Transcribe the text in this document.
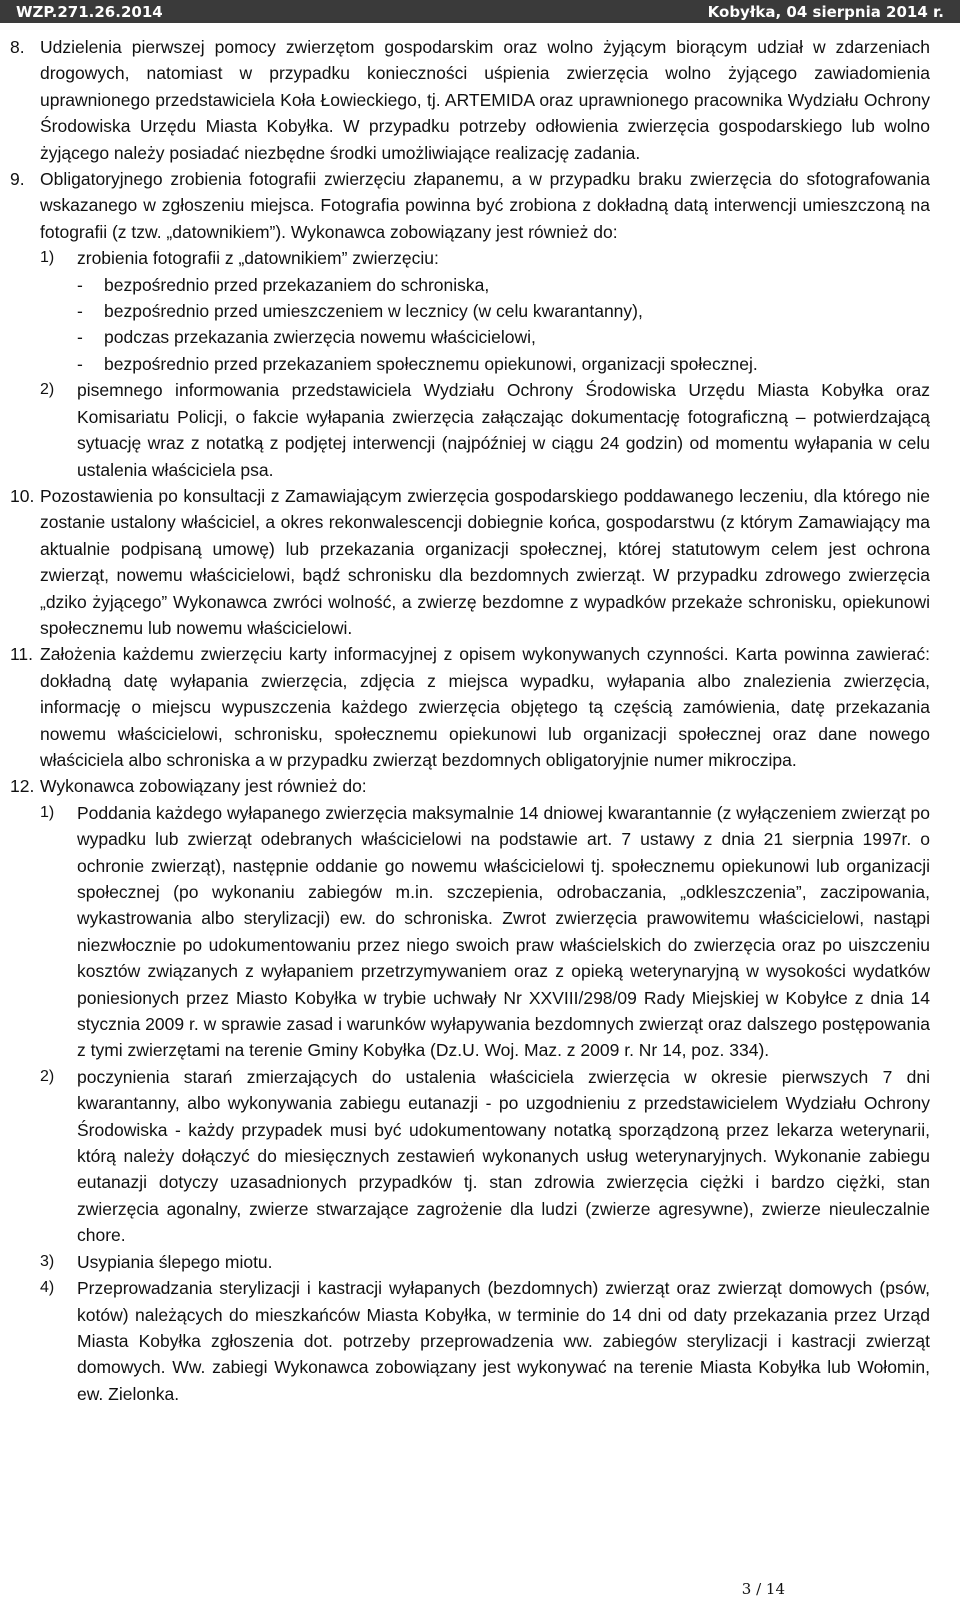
WZP.271.26.2014	Kobyłka, 04 sierpnia 2014 r.
8. Udzielenia pierwszej pomocy zwierzętom gospodarskim oraz wolno żyjącym biorącym udział w zdarzeniach drogowych, natomiast w przypadku konieczności uśpienia zwierzęcia wolno żyjącego zawiadomienia uprawnionego przedstawiciela Koła Łowieckiego, tj. ARTEMIDA oraz uprawnionego pracownika Wydziału Ochrony Środowiska Urzędu Miasta Kobyłka. W przypadku potrzeby odłowienia zwierzęcia gospodarskiego lub wolno żyjącego należy posiadać niezbędne środki umożliwiające realizację zadania.
9. Obligatoryjnego zrobienia fotografii zwierzęciu złapanemu, a w przypadku braku zwierzęcia do sfotografowania wskazanego w zgłoszeniu miejsca. Fotografia powinna być zrobiona z dokładną datą interwencji umieszczoną na fotografii (z tzw. „datownikiem”). Wykonawca zobowiązany jest również do:
1) zrobienia fotografii z „datownikiem” zwierzęciu:
- bezpośrednio przed przekazaniem do schroniska,
- bezpośrednio przed umieszczeniem w lecznicy (w celu kwarantanny),
- podczas przekazania zwierzęcia nowemu właścicielowi,
- bezpośrednio przed przekazaniem społecznemu opiekunowi, organizacji społecznej.
2) pisemnego informowania przedstawiciela Wydziału Ochrony Środowiska Urzędu Miasta Kobyłka oraz Komisariatu Policji, o fakcie wyłapania zwierzęcia załączając dokumentację fotograficzną – potwierdzającą sytuację wraz z notatką z podjętej interwencji (najpóźniej w ciągu 24 godzin) od momentu wyłapania w celu ustalenia właściciela psa.
10. Pozostawienia po konsultacji z Zamawiającym zwierzęcia gospodarskiego poddawanego leczeniu, dla którego nie zostanie ustalony właściciel, a okres rekonwalescencji dobiegnie końca, gospodarstwu (z którym Zamawiający ma aktualnie podpisaną umowę) lub przekazania organizacji społecznej, której statutowym celem jest ochrona zwierząt, nowemu właścicielowi, bądź schronisku dla bezdomnych zwierząt. W przypadku zdrowego zwierzęcia „dziko żyjącego” Wykonawca zwróci wolność, a zwierzę bezdomne z wypadków przekaże schronisku, opiekunowi społecznemu lub nowemu właścicielowi.
11. Założenia każdemu zwierzęciu karty informacyjnej z opisem wykonywanych czynności. Karta powinna zawierać: dokładną datę wyłapania zwierzęcia, zdjęcia z miejsca wypadku, wyłapania albo znalezienia zwierzęcia, informację o miejscu wypuszczenia każdego zwierzęcia objętego tą częścią zamówienia, datę przekazania nowemu właścicielowi, schronisku, społecznemu opiekunowi lub organizacji społecznej oraz dane nowego właściciela albo schroniska a w przypadku zwierząt bezdomnych obligatoryjnie numer mikroczipa.
12. Wykonawca zobowiązany jest również do:
1) Poddania każdego wyłapanego zwierzęcia maksymalnie 14 dniowej kwarantannie (z wyłączeniem zwierząt po wypadku lub zwierząt odebranych właścicielowi na podstawie art. 7 ustawy z dnia 21 sierpnia 1997r. o ochronie zwierząt), następnie oddanie go nowemu właścicielowi tj. społecznemu opiekunowi lub organizacji społecznej (po wykonaniu zabiegów m.in. szczepienia, odrobaczania, „odkleszczenia”, zaczipowania, wykastrowania albo sterylizacji) ew. do schroniska. Zwrot zwierzęcia prawowitemu właścicielowi, nastąpi niezwłocznie po udokumentowaniu przez niego swoich praw właścielskich do zwierzęcia oraz po uiszczeniu kosztów związanych z wyłapaniem przetrzymywaniem oraz z opieką weterynaryjną w wysokości wydatków poniesionych przez Miasto Kobyłka w trybie uchwały Nr XXVIII/298/09 Rady Miejskiej w Kobyłce z dnia 14 stycznia 2009 r. w sprawie zasad i warunków wyłapywania bezdomnych zwierząt oraz dalszego postępowania z tymi zwierzętami na terenie Gminy Kobyłka (Dz.U. Woj. Maz. z 2009 r. Nr 14, poz. 334).
2) poczynienia starań zmierzających do ustalenia właściciela zwierzęcia w okresie pierwszych 7 dni kwarantanny, albo wykonywania zabiegu eutanazji - po uzgodnieniu z przedstawicielem Wydziału Ochrony Środowiska - każdy przypadek musi być udokumentowany notatką sporządzoną przez lekarza weterynarii, którą należy dołączyć do miesięcznych zestawień wykonanych usług weterynaryjnych. Wykonanie zabiegu eutanazji dotyczy uzasadnionych przypadków tj. stan zdrowia zwierzęcia ciężki i bardzo ciężki, stan zwierzęcia agonalny, zwierze stwarzające zagrożenie dla ludzi (zwierze agresywne), zwierze nieuleczalnie chore.
3) Usypiania ślepego miotu.
4) Przeprowadzania sterylizacji i kastracji wyłapanych (bezdomnych) zwierząt oraz zwierząt domowych (psów, kotów) należących do mieszkańców Miasta Kobyłka, w terminie do 14 dni od daty przekazania przez Urząd Miasta Kobyłka zgłoszenia dot. potrzeby przeprowadzenia ww. zabiegów sterylizacji i kastracji zwierząt domowych. Ww. zabiegi Wykonawca zobowiązany jest wykonywać na terenie Miasta Kobyłka lub Wołomin, ew. Zielonka.
3 / 14
